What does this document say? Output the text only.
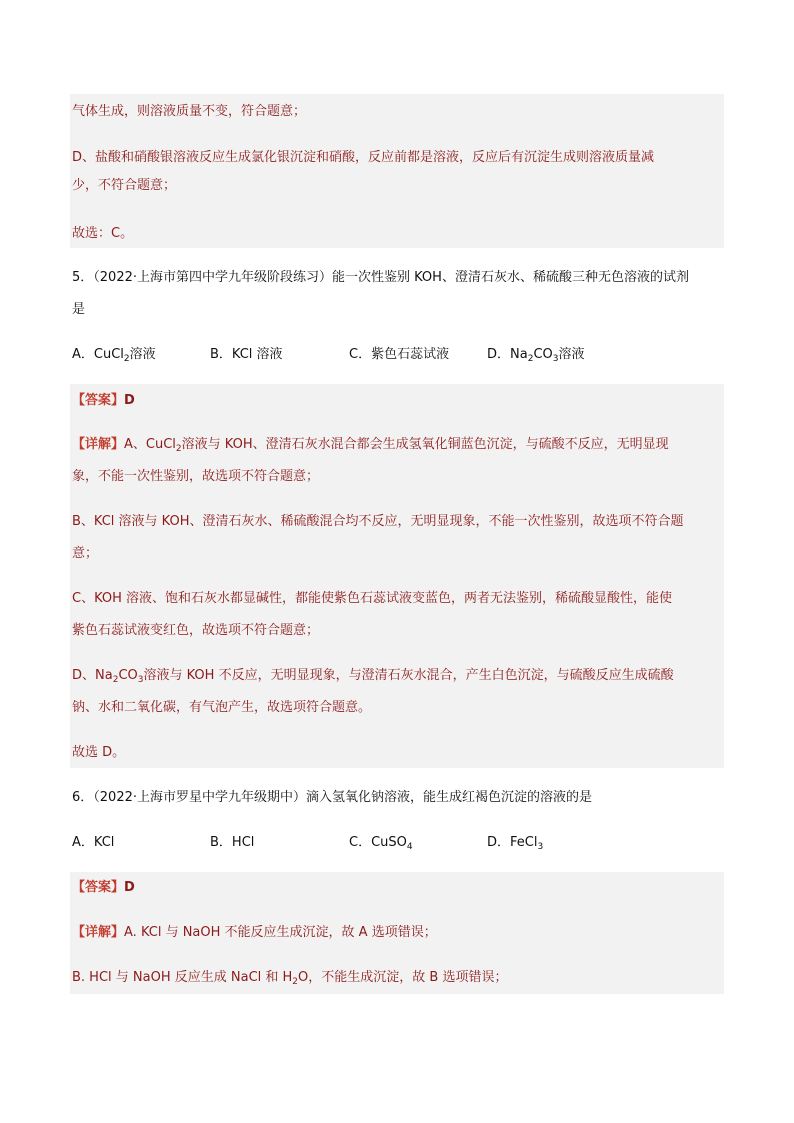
气体生成，则溶液质量不变，符合题意；
D、盐酸和硝酸银溶液反应生成氯化银沉淀和硝酸，反应前都是溶液，反应后有沉淀生成则溶液质量减
少，不符合题意；
故选：C。
5．（2022·上海市第四中学九年级阶段练习）能一次性鉴别 KOH、澄清石灰水、稀硫酸三种无色溶液的试剂
是
A．CuCl$_2$溶液	B．KCl 溶液	C．紫色石蕊试液	D．$Na_2CO_3$溶液
【答案】D
【详解】A、CuCl$_2$溶液与 KOH、澄清石灰水混合都会生成氢氧化铜蓝色沉淀，与硫酸不反应，无明显现
象，不能一次性鉴别，故选项不符合题意；
B、KCl 溶液与 KOH、澄清石灰水、稀硫酸混合均不反应，无明显现象，不能一次性鉴别，故选项不符合题
意；
C、KOH 溶液、饱和石灰水都显碱性，都能使紫色石蕊试液变蓝色，两者无法鉴别，稀硫酸显酸性，能使
紫色石蕊试液变红色，故选项不符合题意；
D、$Na_2CO_3$溶液与 KOH 不反应，无明显现象，与澄清石灰水混合，产生白色沉淀，与硫酸反应生成硫酸
钠、水和二氧化碳，有气泡产生，故选项符合题意。
故选 D。
6．（2022·上海市罗星中学九年级期中）滴入氢氧化钠溶液，能生成红褐色沉淀的溶液的是
A．KCl	B．HCl	C．CuSO$_4$	D．FeCl$_3$
【答案】D
【详解】A. KCl 与 NaOH 不能反应生成沉淀，故 A 选项错误；
B. HCl 与 NaOH 反应生成 NaCl 和 $H_2O$，不能生成沉淀，故 B 选项错误；
